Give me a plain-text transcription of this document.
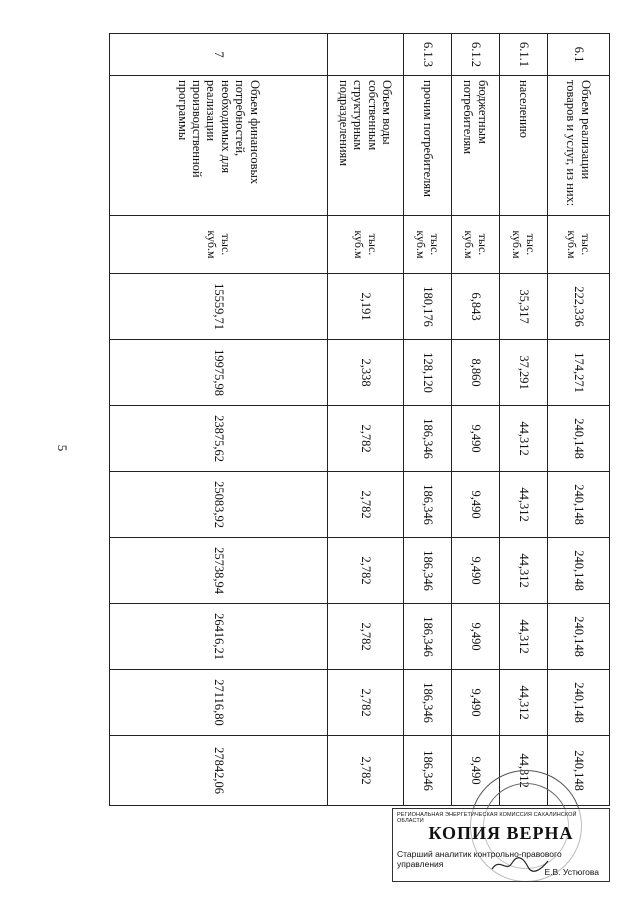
5
6.1	Объем реализации товаров и услуг, из них:	тыс. куб.м	222,336	174,271	240,148	240,148	240,148	240,148	240,148	240,148
6.1.1	населению	тыс. куб.м	35,317	37,291	44,312	44,312	44,312	44,312	44,312	44,312
6.1.2	бюджетным потребителям	тыс. куб.м	6,843	8,860	9,490	9,490	9,490	9,490	9,490	9,490
6.1.3	прочим потребителям	тыс. куб.м	180,176	128,120	186,346	186,346	186,346	186,346	186,346	186,346
	Объем воды собственным структурным подразделениям	тыс. куб.м	2,191	2,338	2,782	2,782	2,782	2,782	2,782	2,782
7	Объем финансовых потребностей, необходимых для реализации производственной программы	тыс. куб.м	15559,71	19975,98	23875,62	25083,92	25738,94	26416,21	27116,80	27842,06
РЕГИОНАЛЬНАЯ ЭНЕРГЕТИЧЕСКАЯ КОМИССИЯ САХАЛИНСКОЙ ОБЛАСТИ
КОПИЯ ВЕРНА
Старший аналитик контрольно-правового управления
Е.В. Устюгова
